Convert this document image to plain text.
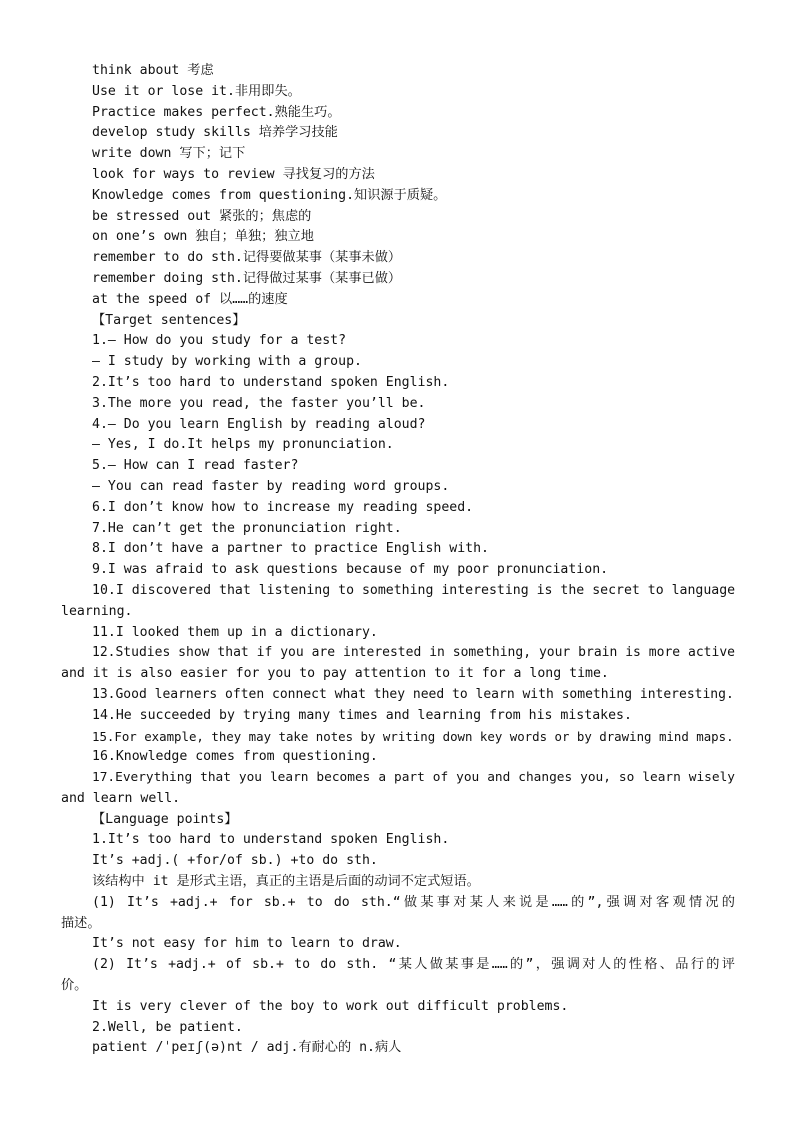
think about 考虑
Use it or lose it.非用即失。
Practice makes perfect.熟能生巧。
develop study skills 培养学习技能
write down 写下；记下
look for ways to review 寻找复习的方法
Knowledge comes from questioning.知识源于质疑。
be stressed out 紧张的；焦虑的
on one’s own 独自；单独；独立地
remember to do sth.记得要做某事（某事未做）
remember doing sth.记得做过某事（某事已做）
at the speed of 以……的速度
【Target sentences】
1.— How do you study for a test?
— I study by working with a group.
2.It’s too hard to understand spoken English.
3.The more you read, the faster you’ll be.
4.— Do you learn English by reading aloud?
— Yes, I do.It helps my pronunciation.
5.— How can I read faster?
— You can read faster by reading word groups.
6.I don’t know how to increase my reading speed.
7.He can’t get the pronunciation right.
8.I don’t have a partner to practice English with.
9.I was afraid to ask questions because of my poor pronunciation.
10.I discovered that listening to something interesting is the secret to language
learning.
11.I looked them up in a dictionary.
12.Studies show that if you are interested in something, your brain is more active
and it is also easier for you to pay attention to it for a long time.
13.Good learners often connect what they need to learn with something interesting.
14.He succeeded by trying many times and learning from his mistakes.
15.For example, they may take notes by writing down key words or by drawing mind maps.
16.Knowledge comes from questioning.
17.Everything that you learn becomes a part of you and changes you, so learn wisely
and learn well.
【Language points】
1.It’s too hard to understand spoken English.
It’s +adj.( +for/of sb.) +to do sth.
该结构中 it 是形式主语，真正的主语是后面的动词不定式短语。
(1) It’s +adj.+ for sb.+ to do sth.“做某事对某人来说是……的”,强调对客观情况的
描述。
It’s not easy for him to learn to draw.
(2) It’s +adj.+ of sb.+ to do sth. “某人做某事是……的”，强调对人的性格、品行的评
价。
It is very clever of the boy to work out difficult problems.
2.Well, be patient.
patient /ˈpeɪʃ(ə)nt / adj.有耐心的 n.病人
